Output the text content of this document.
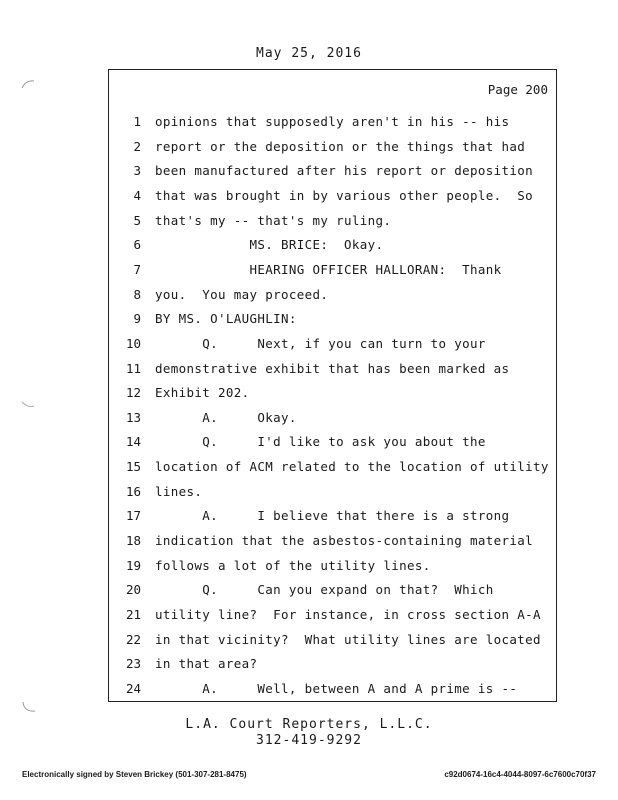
May 25, 2016
Page 200
1 opinions that supposedly aren't in his -- his
2 report or the deposition or the things that had
3 been manufactured after his report or deposition
4 that was brought in by various other people.  So
5 that's my -- that's my ruling.
6 MS. BRICE:  Okay.
7 HEARING OFFICER HALLORAN:  Thank
8 you.  You may proceed.
9 BY MS. O'LAUGHLIN:
10 Q.     Next, if you can turn to your
11 demonstrative exhibit that has been marked as
12 Exhibit 202.
13 A.     Okay.
14 Q.     I'd like to ask you about the
15 location of ACM related to the location of utility
16 lines.
17 A.     I believe that there is a strong
18 indication that the asbestos-containing material
19 follows a lot of the utility lines.
20 Q.     Can you expand on that?  Which
21 utility line?  For instance, in cross section A-A
22 in that vicinity?  What utility lines are located
23 in that area?
24 A.     Well, between A and A prime is --
L.A. Court Reporters, L.L.C.
312-419-9292
Electronically signed by Steven Brickey (501-307-281-8475)	c92d0674-16c4-4044-8097-6c7600c70f37
